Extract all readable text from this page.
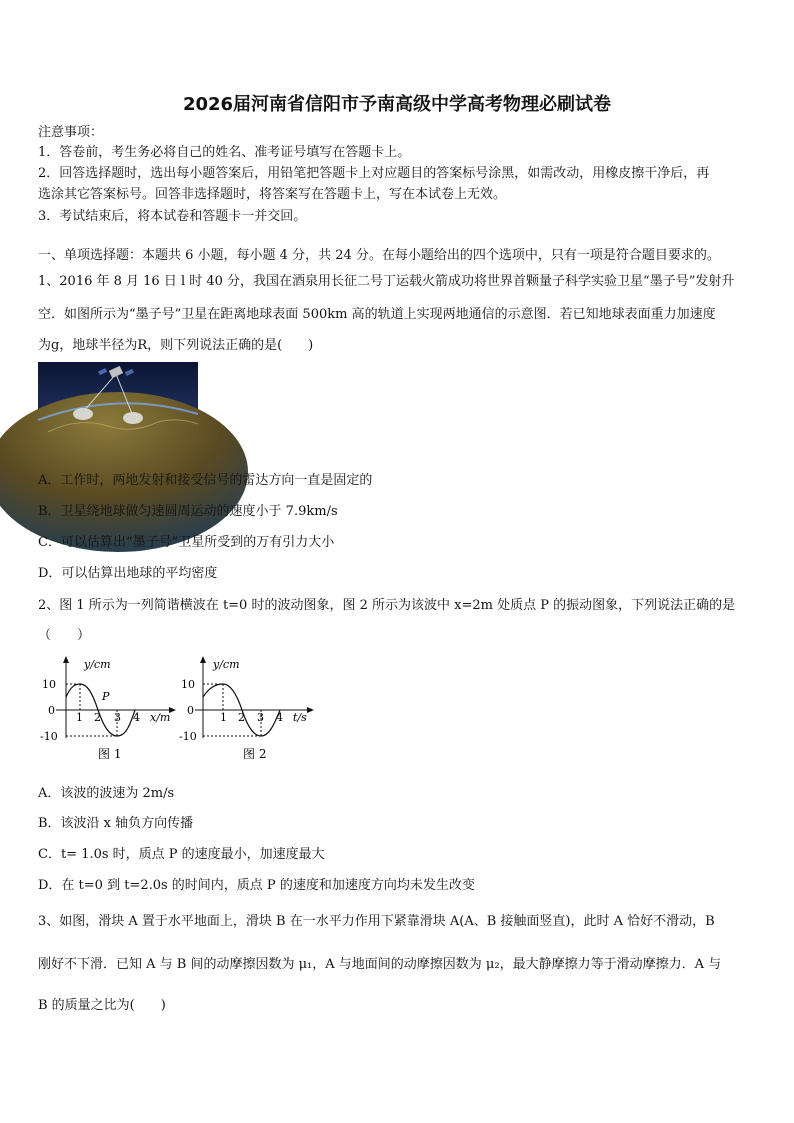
2026届河南省信阳市予南高级中学高考物理必刷试卷
注意事项：
1．答卷前，考生务必将自己的姓名、准考证号填写在答题卡上。
2．回答选择题时，选出每小题答案后，用铅笔把答题卡上对应题目的答案标号涂黑，如需改动，用橡皮擦干净后，再
选涂其它答案标号。回答非选择题时，将答案写在答题卡上，写在本试卷上无效。
3．考试结束后，将本试卷和答题卡一并交回。
一、单项选择题：本题共 6 小题，每小题 4 分，共 24 分。在每小题给出的四个选项中，只有一项是符合题目要求的。
1、2016 年 8 月 16 日 l 时 40 分，我国在酒泉用长征二号丁运载火箭成功将世界首颗量子科学实验卫星“墨子号”发射升
空．如图所示为“墨子号”卫星在距离地球表面 500km 高的轨道上实现两地通信的示意图．若已知地球表面重力加速度
为g，地球半径为R，则下列说法正确的是(　　)
A．工作时，两地发射和接受信号的雷达方向一直是固定的
B．卫星绕地球做匀速圆周运动的速度小于 7.9km/s
C．可以估算出“墨子号”卫星所受到的万有引力大小
D．可以估算出地球的平均密度
2、图 1 所示为一列简谐横波在 t=0 时的波动图象，图 2 所示为该波中 x=2m 处质点 P 的振动图象，下列说法正确的是
（　　）
y/cm
10
0
-10
1 2 3 4 x/m
P
图 1
y/cm
10
0
-10
1 2 3 4 t/s
图 2
A．该波的波速为 2m/s
B．该波沿 x 轴负方向传播
C．t= 1.0s 时，质点 P 的速度最小，加速度最大
D．在 t=0 到 t=2.0s 的时间内，质点 P 的速度和加速度方向均未发生改变
3、如图，滑块 A 置于水平地面上，滑块 B 在一水平力作用下紧靠滑块 A(A、B 接触面竖直)，此时 A 恰好不滑动，B
刚好不下滑．已知 A 与 B 间的动摩擦因数为 μ₁，A 与地面间的动摩擦因数为 μ₂，最大静摩擦力等于滑动摩擦力．A 与
B 的质量之比为(　　)
